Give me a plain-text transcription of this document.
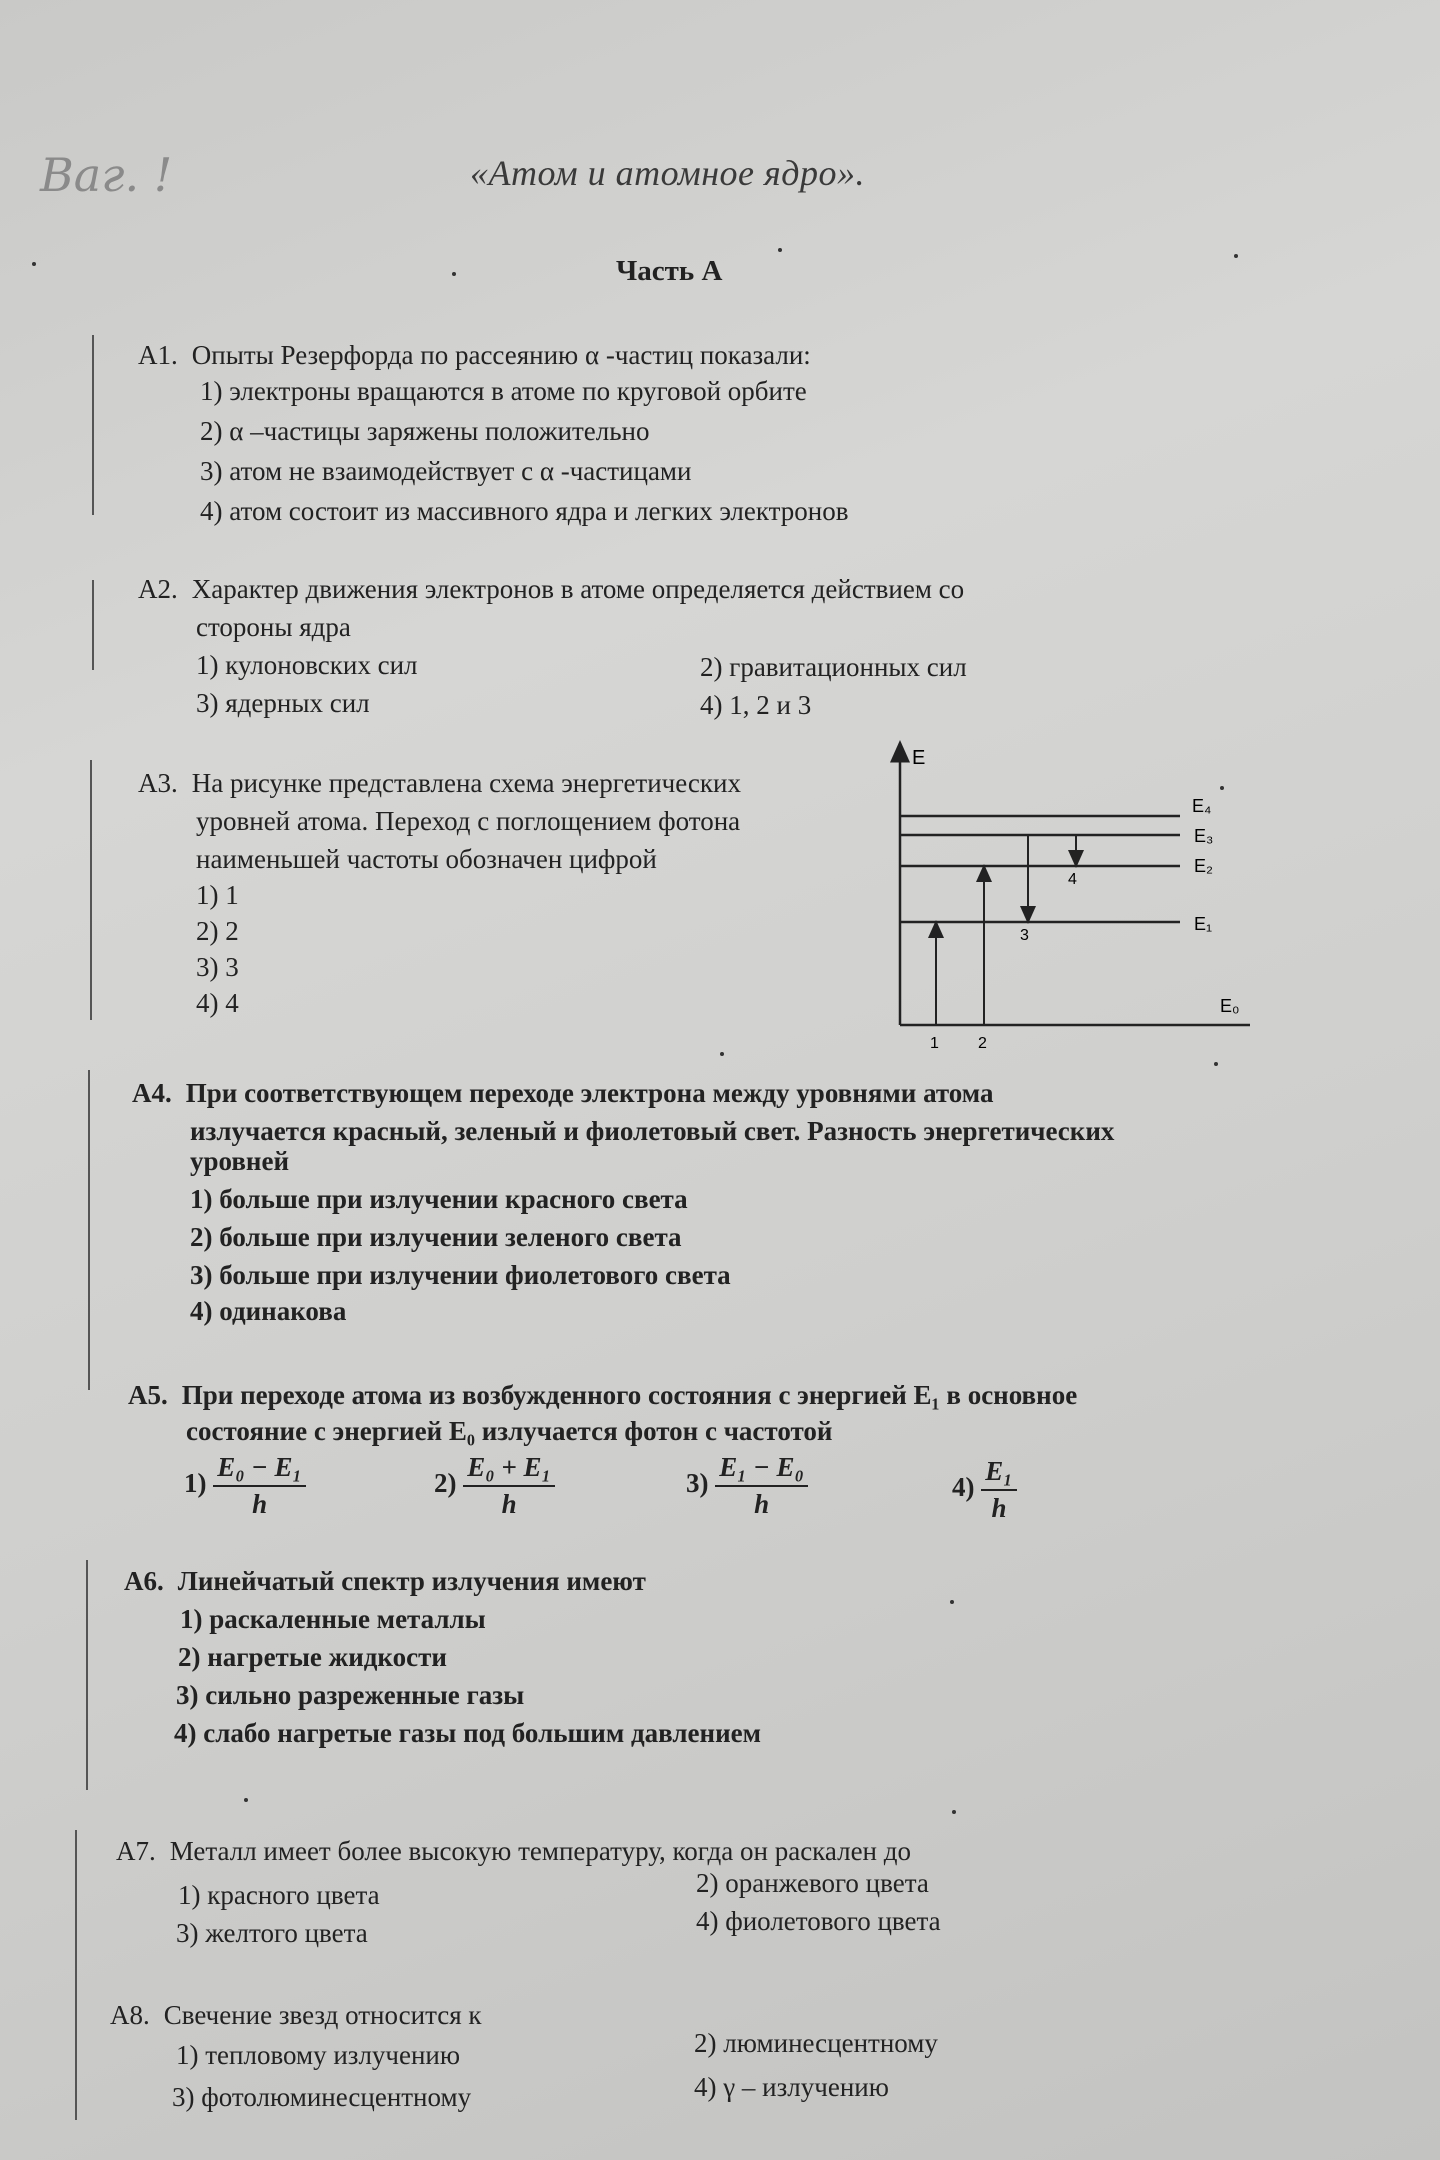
Ваг. !	«Атом и атомное ядро».
Часть А
А1. Опыты Резерфорда по рассеянию α -частиц показали:
1) электроны вращаются в атоме по круговой орбите
2) α –частицы заряжены положительно
3) атом не взаимодействует с α -частицами
4) атом состоит из массивного ядра и легких электронов
А2. Характер движения электронов в атоме определяется действием со
стороны ядра
1) кулоновских сил	2) гравитационных сил
3) ядерных сил	4) 1, 2 и 3
А3. На рисунке представлена схема энергетических
уровней атома. Переход с поглощением фотона
наименьшей частоты обозначен цифрой
1) 1
2) 2
3) 3
4) 4
E
E₄
E₃
E₂
E₁
E₀
1 2
3
4
А4. При соответствующем переходе электрона между уровнями атома
излучается красный, зеленый и фиолетовый свет. Разность энергетических
уровней
1) больше при излучении красного света
2) больше при излучении зеленого света
3) больше при излучении фиолетового света
4) одинакова
А5. При переходе атома из возбужденного состояния с энергией E₁ в основное
состояние с энергией E₀ излучается фотон с частотой
$1) \frac{\text{E₀ − E₁}}{h}$	$2) \frac{\text{E₀ + E₁}}{h}$	$3) \frac{\text{E₁ − E₀}}{h}$	$4) \frac{\text{E₁}}{h}$
А6. Линейчатый спектр излучения имеют
1) раскаленные металлы
2) нагретые жидкости
3) сильно разреженные газы
4) слабо нагретые газы под большим давлением
А7. Металл имеет более высокую температуру, когда он раскален до
1) красного цвета	2) оранжевого цвета
3) желтого цвета	4) фиолетового цвета
А8. Свечение звезд относится к
1) тепловому излучению	2) люминесцентному
3) фотолюминесцентному	4) γ – излучению
